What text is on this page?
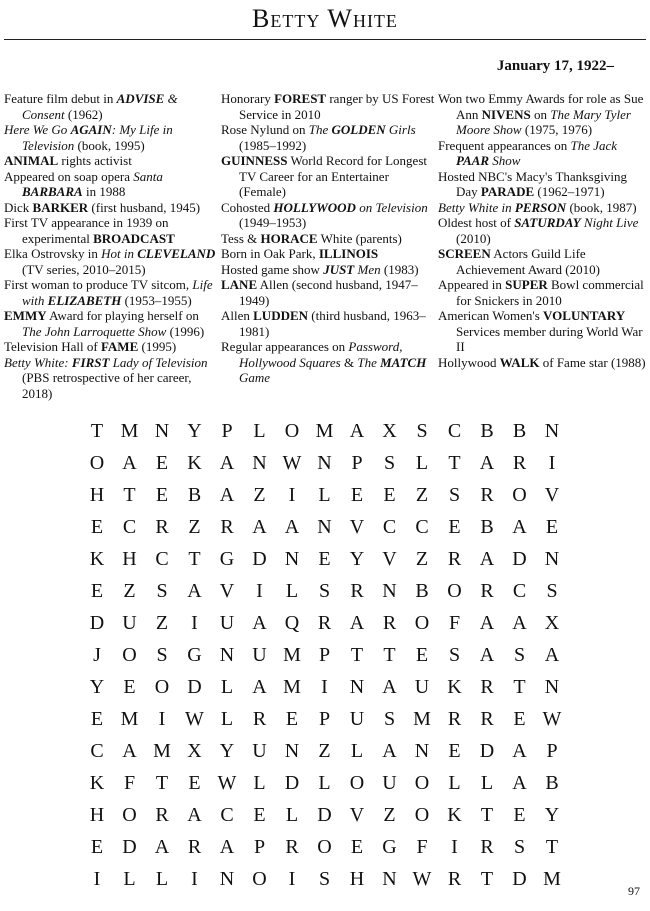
Betty White
January 17, 1922–
Feature film debut in ADVISE & Consent (1962)
Here We Go AGAIN: My Life in Television (book, 1995)
ANIMAL rights activist
Appeared on soap opera Santa BARBARA in 1988
Dick BARKER (first husband, 1945)
First TV appearance in 1939 on experimental BROADCAST
Elka Ostrovsky in Hot in CLEVELAND (TV series, 2010–2015)
First woman to produce TV sitcom, Life with ELIZABETH (1953–1955)
EMMY Award for playing herself on The John Larroquette Show (1996)
Television Hall of FAME (1995)
Betty White: FIRST Lady of Television (PBS retrospective of her career, 2018)
Honorary FOREST ranger by US Forest Service in 2010
Rose Nylund on The GOLDEN Girls (1985–1992)
GUINNESS World Record for Longest TV Career for an Entertainer (Female)
Cohosted HOLLYWOOD on Television (1949–1953)
Tess & HORACE White (parents)
Born in Oak Park, ILLINOIS
Hosted game show JUST Men (1983)
LANE Allen (second husband, 1947–1949)
Allen LUDDEN (third husband, 1963–1981)
Regular appearances on Password, Hollywood Squares & The MATCH Game
Won two Emmy Awards for role as Sue Ann NIVENS on The Mary Tyler Moore Show (1975, 1976)
Frequent appearances on The Jack PAAR Show
Hosted NBC's Macy's Thanksgiving Day PARADE (1962–1971)
Betty White in PERSON (book, 1987)
Oldest host of SATURDAY Night Live (2010)
SCREEN Actors Guild Life Achievement Award (2010)
Appeared in SUPER Bowl commercial for Snickers in 2010
American Women's VOLUNTARY Services member during World War II
Hollywood WALK of Fame star (1988)
T M N Y P	L O M A X S C B B N
O A E K A N W N P	S	L T A R	I
H T E B A Z	I	L E E Z	S R O V
E C R Z R A A N V C C E B A E
K H C T G D N E Y V Z R A D N
E Z	S A V	I	L	S R N B O R C S
D U Z	I	U A Q R A R O F A A X
J	O S G N U M P	T T E	S A S A
Y E O D L A M I	N A U K R T N
E M I W L R E	P U S M R R E W
C A M X Y U N Z L A N E D A P
K F	T E W L D L O U O L L A B
H O R A C E L D V Z O K T E Y
E D A R A P R O E G F	I	R S	T
I	L L	I	N O	I	S H N W R T D M
97
